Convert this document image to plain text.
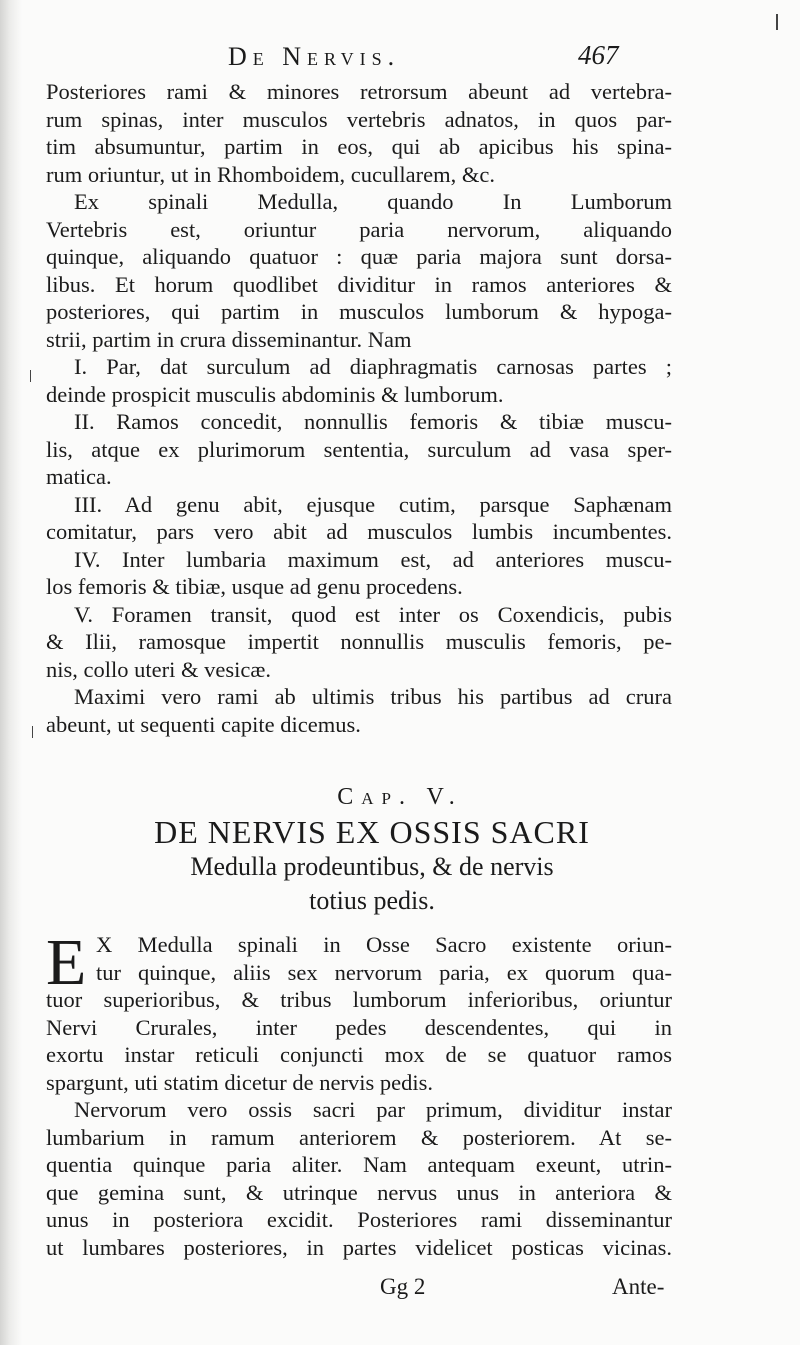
De Nervis.	467
Posteriores rami & minores retrorsum abeunt ad vertebra-
rum spinas, inter musculos vertebris adnatos, in quos par-
tim absumuntur, partim in eos, qui ab apicibus his spina-
rum oriuntur, ut in Rhomboidem, cucullarem, &c.
Ex spinali Medulla, quando In Lumborum
Vertebris est, oriuntur paria nervorum, aliquando
quinque, aliquando quatuor : quæ paria majora sunt dorsa-
libus. Et horum quodlibet dividitur in ramos anteriores &
posteriores, qui partim in musculos lumborum & hypoga-
strii, partim in crura disseminantur. Nam
I. Par, dat surculum ad diaphragmatis carnosas partes ;
deinde prospicit musculis abdominis & lumborum.
II. Ramos concedit, nonnullis femoris & tibiæ muscu-
lis, atque ex plurimorum sententia, surculum ad vasa sper-
matica.
III. Ad genu abit, ejusque cutim, parsque Saphænam
comitatur, pars vero abit ad musculos lumbis incumbentes.
IV. Inter lumbaria maximum est, ad anteriores muscu-
los femoris & tibiæ, usque ad genu procedens.
V. Foramen transit, quod est inter os Coxendicis, pubis
& Ilii, ramosque impertit nonnullis musculis femoris, pe-
nis, collo uteri & vesicæ.
Maximi vero rami ab ultimis tribus his partibus ad crura
abeunt, ut sequenti capite dicemus.
Cap. V.
DE NERVIS EX OSSIS SACRI
Medulla prodeuntibus, & de nervis
totius pedis.
E X Medulla spinali in Osse Sacro existente oriun-
tur quinque, aliis sex nervorum paria, ex quorum qua-
tuor superioribus, & tribus lumborum inferioribus, oriuntur
Nervi Crurales, inter pedes descendentes, qui in
exortu instar reticuli conjuncti mox de se quatuor ramos
spargunt, uti statim dicetur de nervis pedis.
Nervorum vero ossis sacri par primum, dividitur instar
lumbarium in ramum anteriorem & posteriorem. At se-
quentia quinque paria aliter. Nam antequam exeunt, utrin-
que gemina sunt, & utrinque nervus unus in anteriora &
unus in posteriora excidit. Posteriores rami disseminantur
ut lumbares posteriores, in partes videlicet posticas vicinas.
Gg 2	Ante-
